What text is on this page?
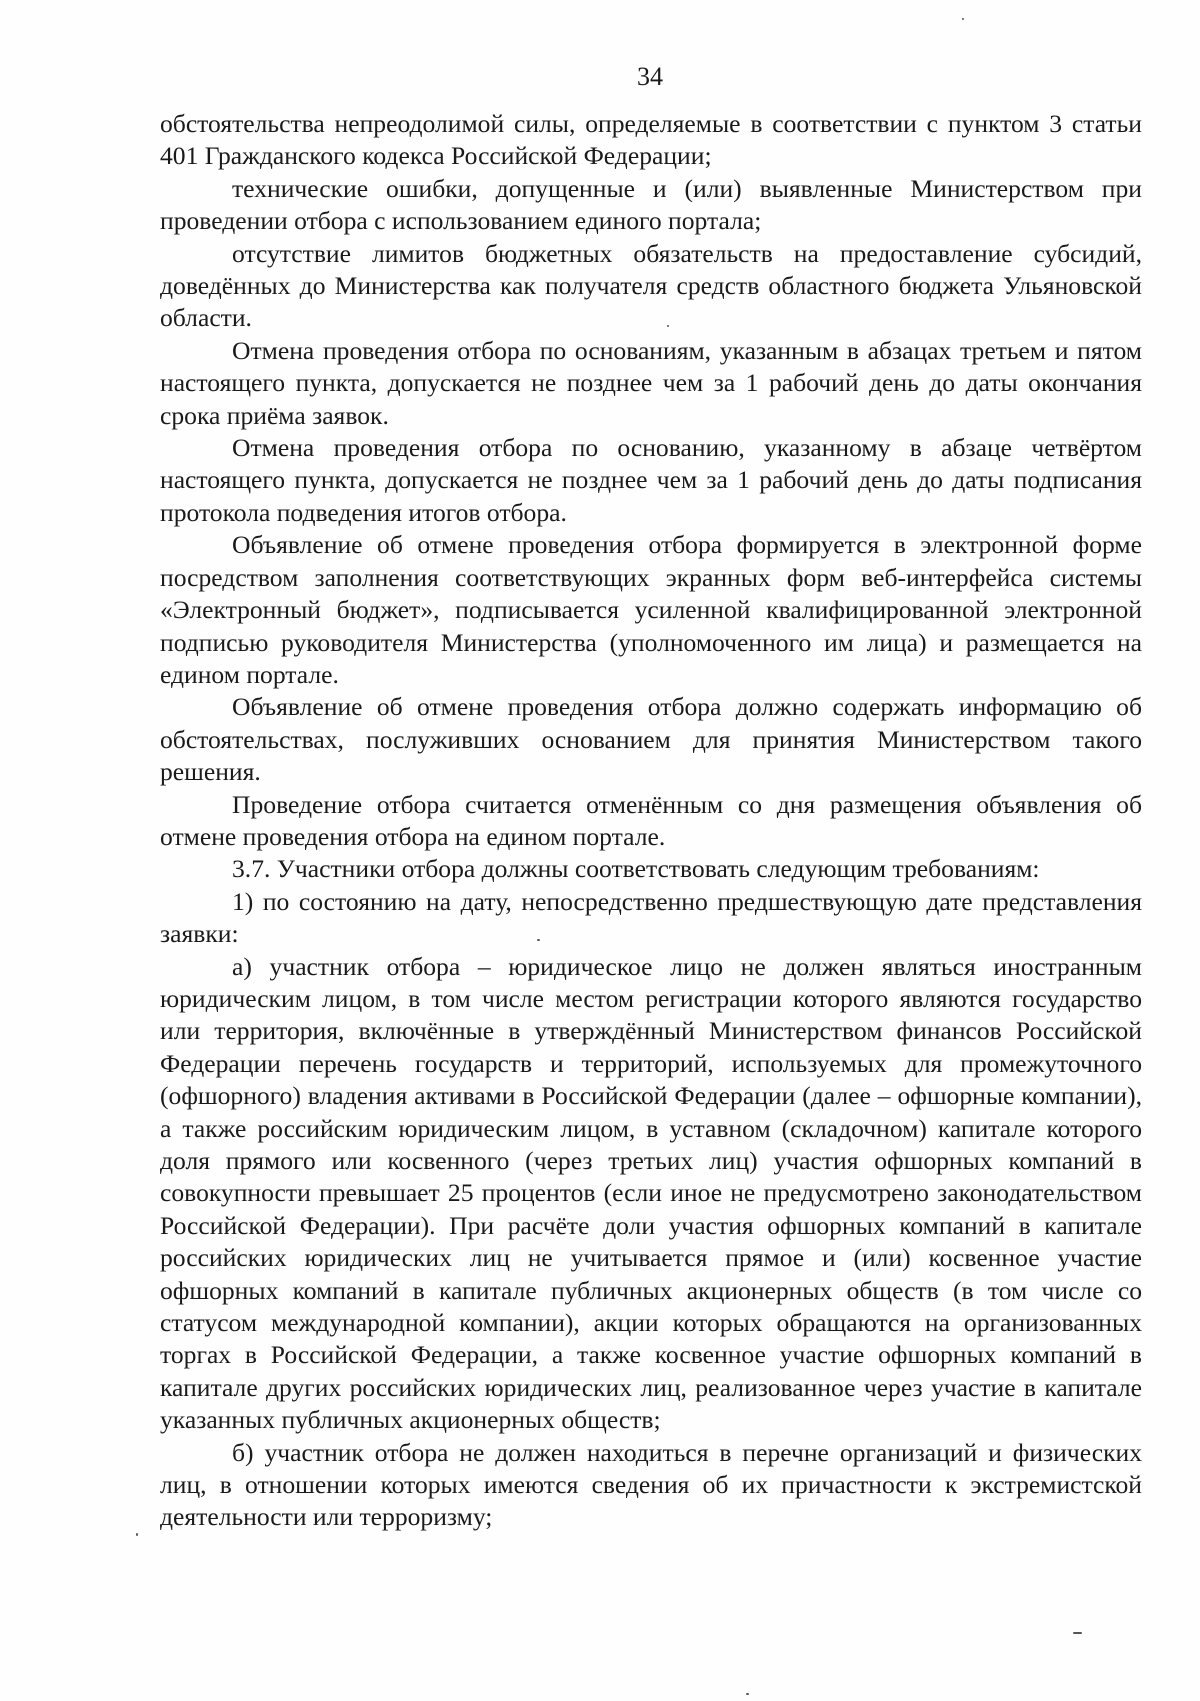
34

обстоятельства непреодолимой силы, определяемые в соответствии с пунктом 3 статьи 401 Гражданского кодекса Российской Федерации;

технические ошибки, допущенные и (или) выявленные Министерством при проведении отбора с использованием единого портала;

отсутствие лимитов бюджетных обязательств на предоставление субсидий, доведённых до Министерства как получателя средств областного бюджета Ульяновской области.

Отмена проведения отбора по основаниям, указанным в абзацах третьем и пятом настоящего пункта, допускается не позднее чем за 1 рабочий день до даты окончания срока приёма заявок.

Отмена проведения отбора по основанию, указанному в абзаце четвёртом настоящего пункта, допускается не позднее чем за 1 рабочий день до даты подписания протокола подведения итогов отбора.

Объявление об отмене проведения отбора формируется в электронной форме посредством заполнения соответствующих экранных форм веб-интерфейса системы «Электронный бюджет», подписывается усиленной квалифицированной электронной подписью руководителя Министерства (уполномоченного им лица) и размещается на едином портале.

Объявление об отмене проведения отбора должно содержать информацию об обстоятельствах, послуживших основанием для принятия Министерством такого решения.

Проведение отбора считается отменённым со дня размещения объявления об отмене проведения отбора на едином портале.

3.7. Участники отбора должны соответствовать следующим требованиям:

1) по состоянию на дату, непосредственно предшествующую дате представления заявки:

а) участник отбора – юридическое лицо не должен являться иностранным юридическим лицом, в том числе местом регистрации которого являются государство или территория, включённые в утверждённый Министерством финансов Российской Федерации перечень государств и территорий, используемых для промежуточного (офшорного) владения активами в Российской Федерации (далее – офшорные компании), а также российским юридическим лицом, в уставном (складочном) капитале которого доля прямого или косвенного (через третьих лиц) участия офшорных компаний в совокупности превышает 25 процентов (если иное не предусмотрено законодательством Российской Федерации). При расчёте доли участия офшорных компаний в капитале российских юридических лиц не учитывается прямое и (или) косвенное участие офшорных компаний в капитале публичных акционерных обществ (в том числе со статусом международной компании), акции которых обращаются на организованных торгах в Российской Федерации, а также косвенное участие офшорных компаний в капитале других российских юридических лиц, реализованное через участие в капитале указанных публичных акционерных обществ;

б) участник отбора не должен находиться в перечне организаций и физических лиц, в отношении которых имеются сведения об их причастности к экстремистской деятельности или терроризму;
